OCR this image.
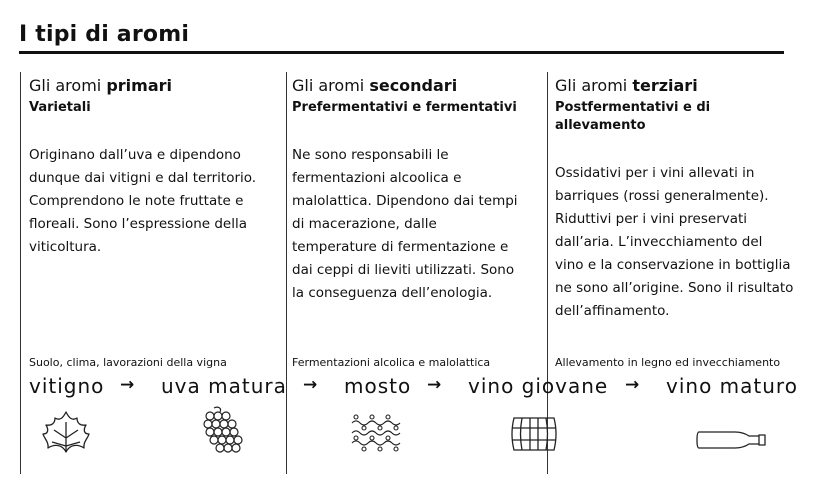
I tipi di aromi
Gli aromi primari
Varietali
Originano dall’uva e dipendono dunque dai vitigni e dal territorio. Comprendono le note fruttate e floreali. Sono l’espressione della viticoltura.
Gli aromi secondari
Prefermentativi e fermentativi
Ne sono responsabili le fermentazioni alcoolica e malolattica. Dipendono dai tempi di macerazione, dalle temperature di fermentazione e dai ceppi di lieviti utilizzati. Sono la conseguenza dell’enologia.
Gli aromi terziari
Postfermentativi e di allevamento
Ossidativi per i vini allevati in barriques (rossi generalmente). Riduttivi per i vini preservati dall’aria. L’invecchiamento del vino e la conservazione in bottiglia ne sono all’origine. Sono il risultato dell’affinamento.
Suolo, clima, lavorazioni della vigna	Fermentazioni alcolica e malolattica	Allevamento in legno ed invecchiamento
vitigno → uva matura → mosto → vino giovane → vino maturo
